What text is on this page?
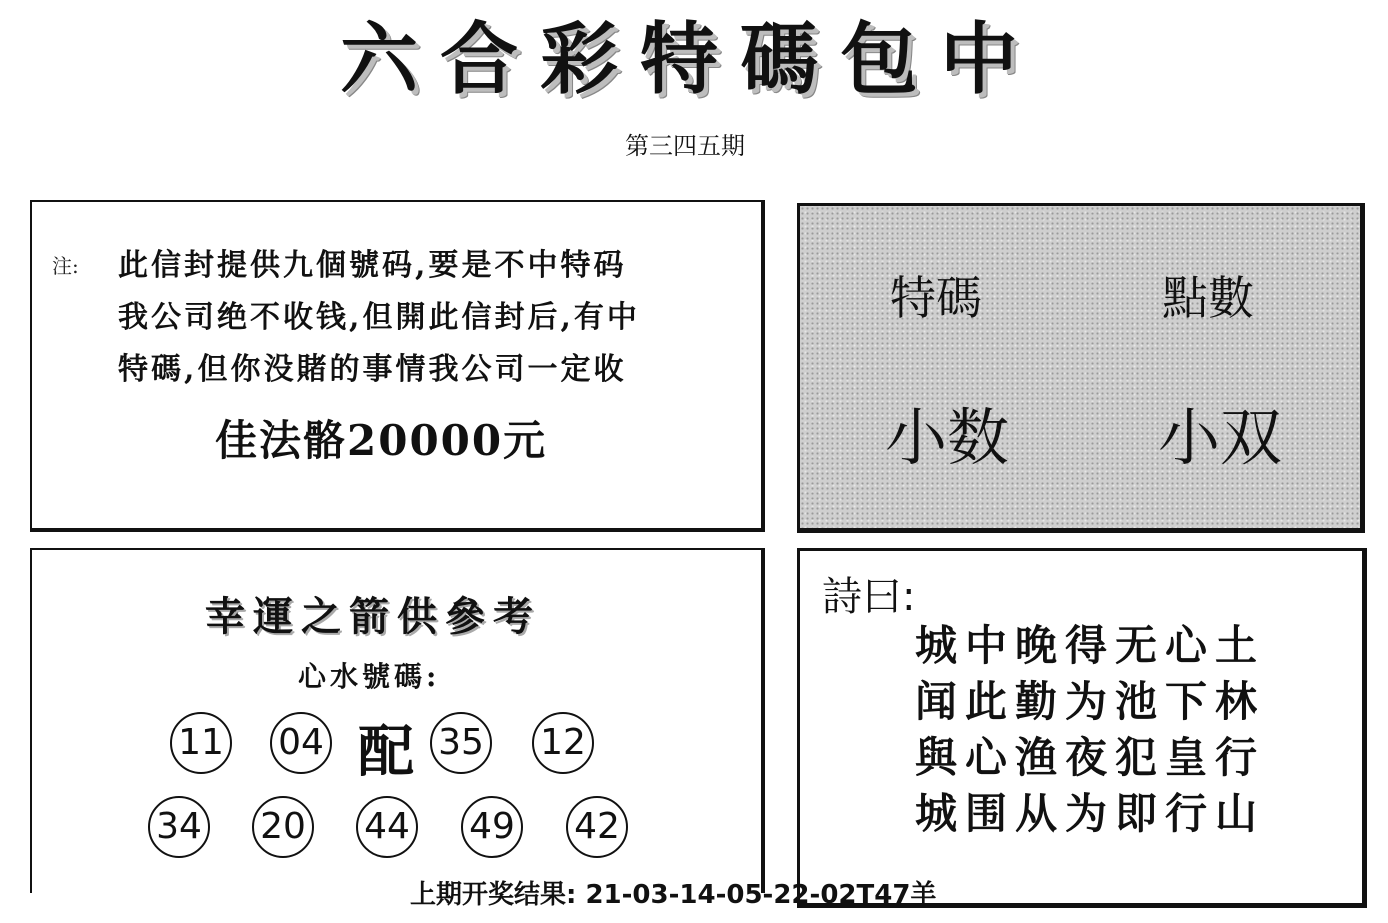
六合彩特碼包中
第三四五期
注: 此信封提供九個號码,要是不中特码
我公司绝不收钱,但開此信封后,有中
特碼,但你没賭的事情我公司一定收
佳法骼20000元
特碼	點數
小数 小双
幸運之箭供參考
心水號碼:
11 04 配 35 12
34 20 44 49 42
詩曰:
城中晚得无心土
闻此勤为池下林
與心渔夜犯皇行
城围从为即行山
上期开奖结果: 21-03-14-05-22-02T47羊
